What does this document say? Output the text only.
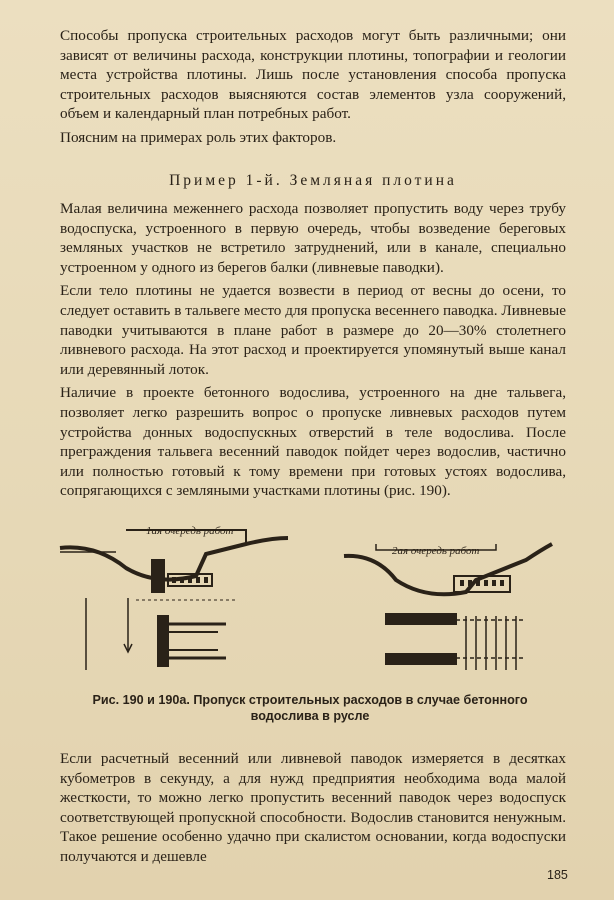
Способы пропуска строительных расходов могут быть различными; они зависят от величины расхода, конструкции плотины, топографии и геологии места устройства плотины. Лишь после установления способа пропуска строительных расходов выясняются состав элементов узла сооружений, объем и календарный план потребных работ.

Поясним на примерах роль этих факторов.

Пример 1-й. Земляная плотина

Малая величина меженнего расхода позволяет пропустить воду через трубу водоспуска, устроенного в первую очередь, чтобы возведение береговых земляных участков не встретило затруднений, или в канале, специально устроенном у одного из берегов балки (ливневые паводки).

Если тело плотины не удается возвести в период от весны до осени, то следует оставить в тальвеге место для пропуска весеннего паводка. Ливневые паводки учитываются в плане работ в размере до 20—30% столетнего ливневого расхода. На этот расход и проектируется упомянутый выше канал или деревянный лоток.

Наличие в проекте бетонного водослива, устроенного на дне тальвега, позволяет легко разрешить вопрос о пропуске ливневых расходов путем устройства донных водоспускных отверстий в теле водослива. После преграждения тальвега весенний паводок пойдет через водослив, частично или полностью готовый к тому времени при готовых устоях водослива, сопрягающихся с земляными участками плотины (рис. 190).

1ая очередь работ
2ая очередь работ
Рис. 190 и 190а. Пропуск строительных расходов в случае бетонного водослива в русле

Если расчетный весенний или ливневой паводок измеряется в десятках кубометров в секунду, а для нужд предприятия необходима вода малой жесткости, то можно легко пропустить весенний паводок через водоспуск соответствующей пропускной способности. Водослив становится ненужным. Такое решение особенно удачно при скалистом основании, когда водоспуски получаются и дешевле

185
